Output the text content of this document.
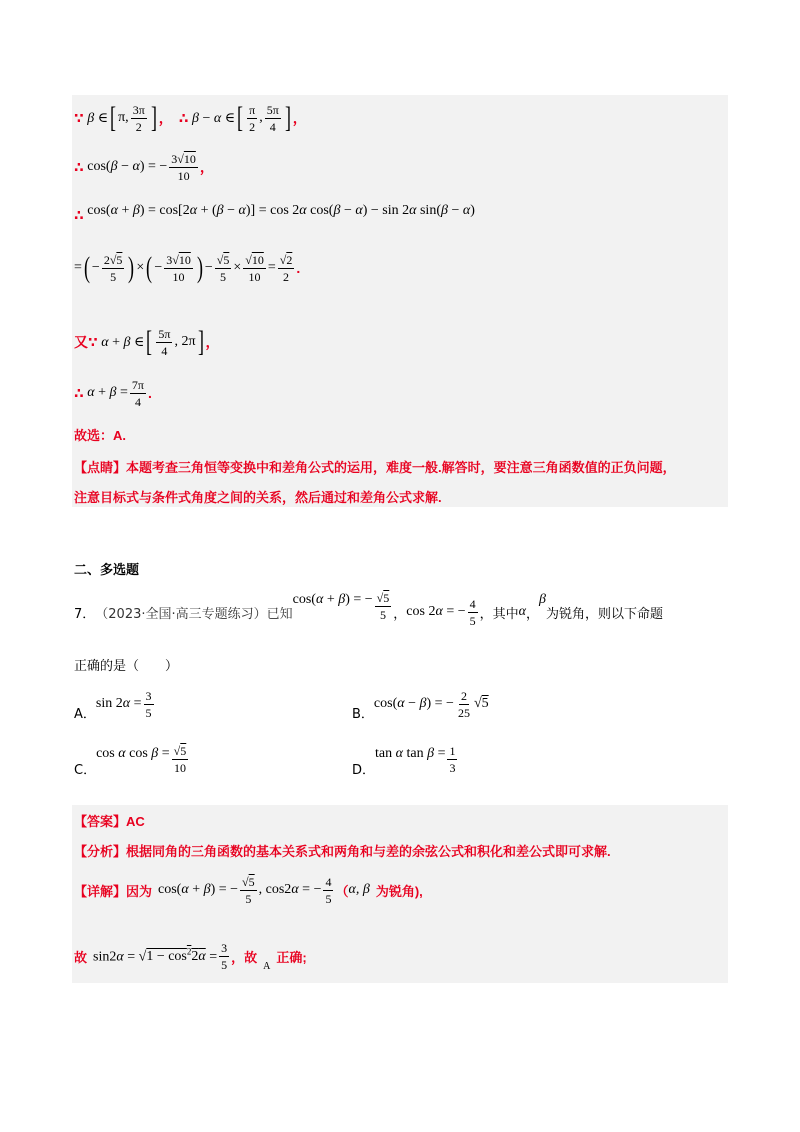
∵ β ∈ [ π, $\frac{3\pi}{2}$ ] ， ∴ β − α ∈ [ $\frac{\pi}{2}$ , $\frac{5\pi}{4}$ ] ，
∴ cos(β − α) = − $\frac{3√10}{10}$ ，
∴ cos(α + β) = cos[2α + (β − α)] = cos 2α cos(β − α) − sin 2α sin(β − α)
= ( − $\frac{2√5}{5}$ ) × ( − $\frac{3√10}{10}$ ) − $\frac{√5}{5} \times \frac{√10}{10} = \frac{√2}{2}$ .
又∵ α + β ∈ [ $\frac{5\pi}{4}$ , 2π ] ，
∴ $\alpha + \beta = \frac{7\pi}{4}$ .
故选：A.
【点睛】本题考查三角恒等变换中和差角公式的运用，难度一般.解答时，要注意三角函数值的正负问题，
注意目标式与条件式角度之间的关系，然后通过和差角公式求解.
二、多选题
7． （2023·全国·高三专题练习）已知
cos(α + β) = − $\frac{√5}{5}$ ， cos 2α = − $\frac{4}{5}$ ，其中 α ，
β
为锐角，则以下命题
正确的是（　　）
A．
$\sin 2\alpha = \frac{3}{5}$	B．
cos(α − β) = − $\frac{2}{25} √5$
C．
cos α $\cos \beta = \frac{√5}{10}$	D．
tan α $\tan \beta = \frac{1}{3}$
【答案】AC
【分析】根据同角的三角函数的基本关系式和两角和与差的余弦公式和积化和差公式即可求解.
【详解】因为 cos(α + β) = − $\frac{√5}{5}$ , cos2α = − $\frac{4}{5}$ （ α, β 为锐角),
故 $\sin 2\alpha = √1 - \cos^22\alpha = \frac{3}{5}$ ，故
A
正确;
